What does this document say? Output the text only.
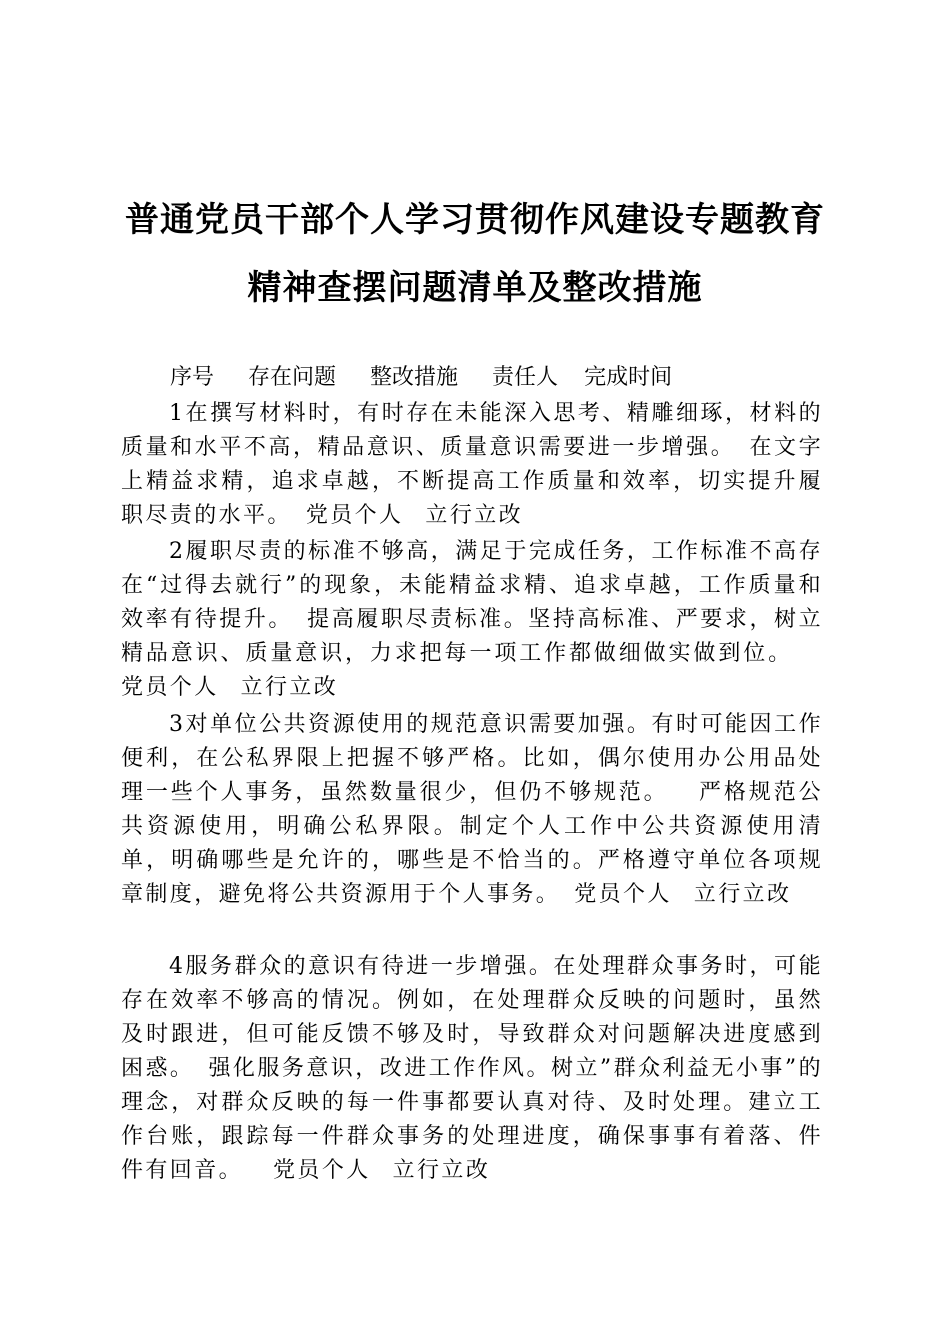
普通党员干部个人学习贯彻作风建设专题教育
精神查摆问题清单及整改措施
序号 存在问题 整改措施 责任人 完成时间

1在撰写材料时，有时存在未能深入思考、精雕细琢，材料的质量和水平不高，精品意识、质量意识需要进一步增强。 在文字上精益求精，追求卓越，不断提高工作质量和效率，切实提升履职尽责的水平。 党员个人 立行立改

2履职尽责的标准不够高，满足于完成任务，工作标准不高存在“过得去就行”的现象，未能精益求精、追求卓越，工作质量和效率有待提升。 提高履职尽责标准。坚持高标准、严要求，树立精品意识、质量意识，力求把每一项工作都做细做实做到位。党员个人 立行立改

3对单位公共资源使用的规范意识需要加强。有时可能因工作便利，在公私界限上把握不够严格。比如，偶尔使用办公用品处理一些个人事务，虽然数量很少，但仍不够规范。 严格规范公共资源使用，明确公私界限。制定个人工作中公共资源使用清单，明确哪些是允许的，哪些是不恰当的。严格遵守单位各项规章制度，避免将公共资源用于个人事务。 党员个人 立行立改

4服务群众的意识有待进一步增强。在处理群众事务时，可能存在效率不够高的情况。例如，在处理群众反映的问题时，虽然及时跟进，但可能反馈不够及时，导致群众对问题解决进度感到困惑。 强化服务意识，改进工作作风。树立”群众利益无小事”的理念，对群众反映的每一件事都要认真对待、及时处理。建立工作台账，跟踪每一件群众事务的处理进度，确保事事有着落、件件有回音。 党员个人 立行立改
